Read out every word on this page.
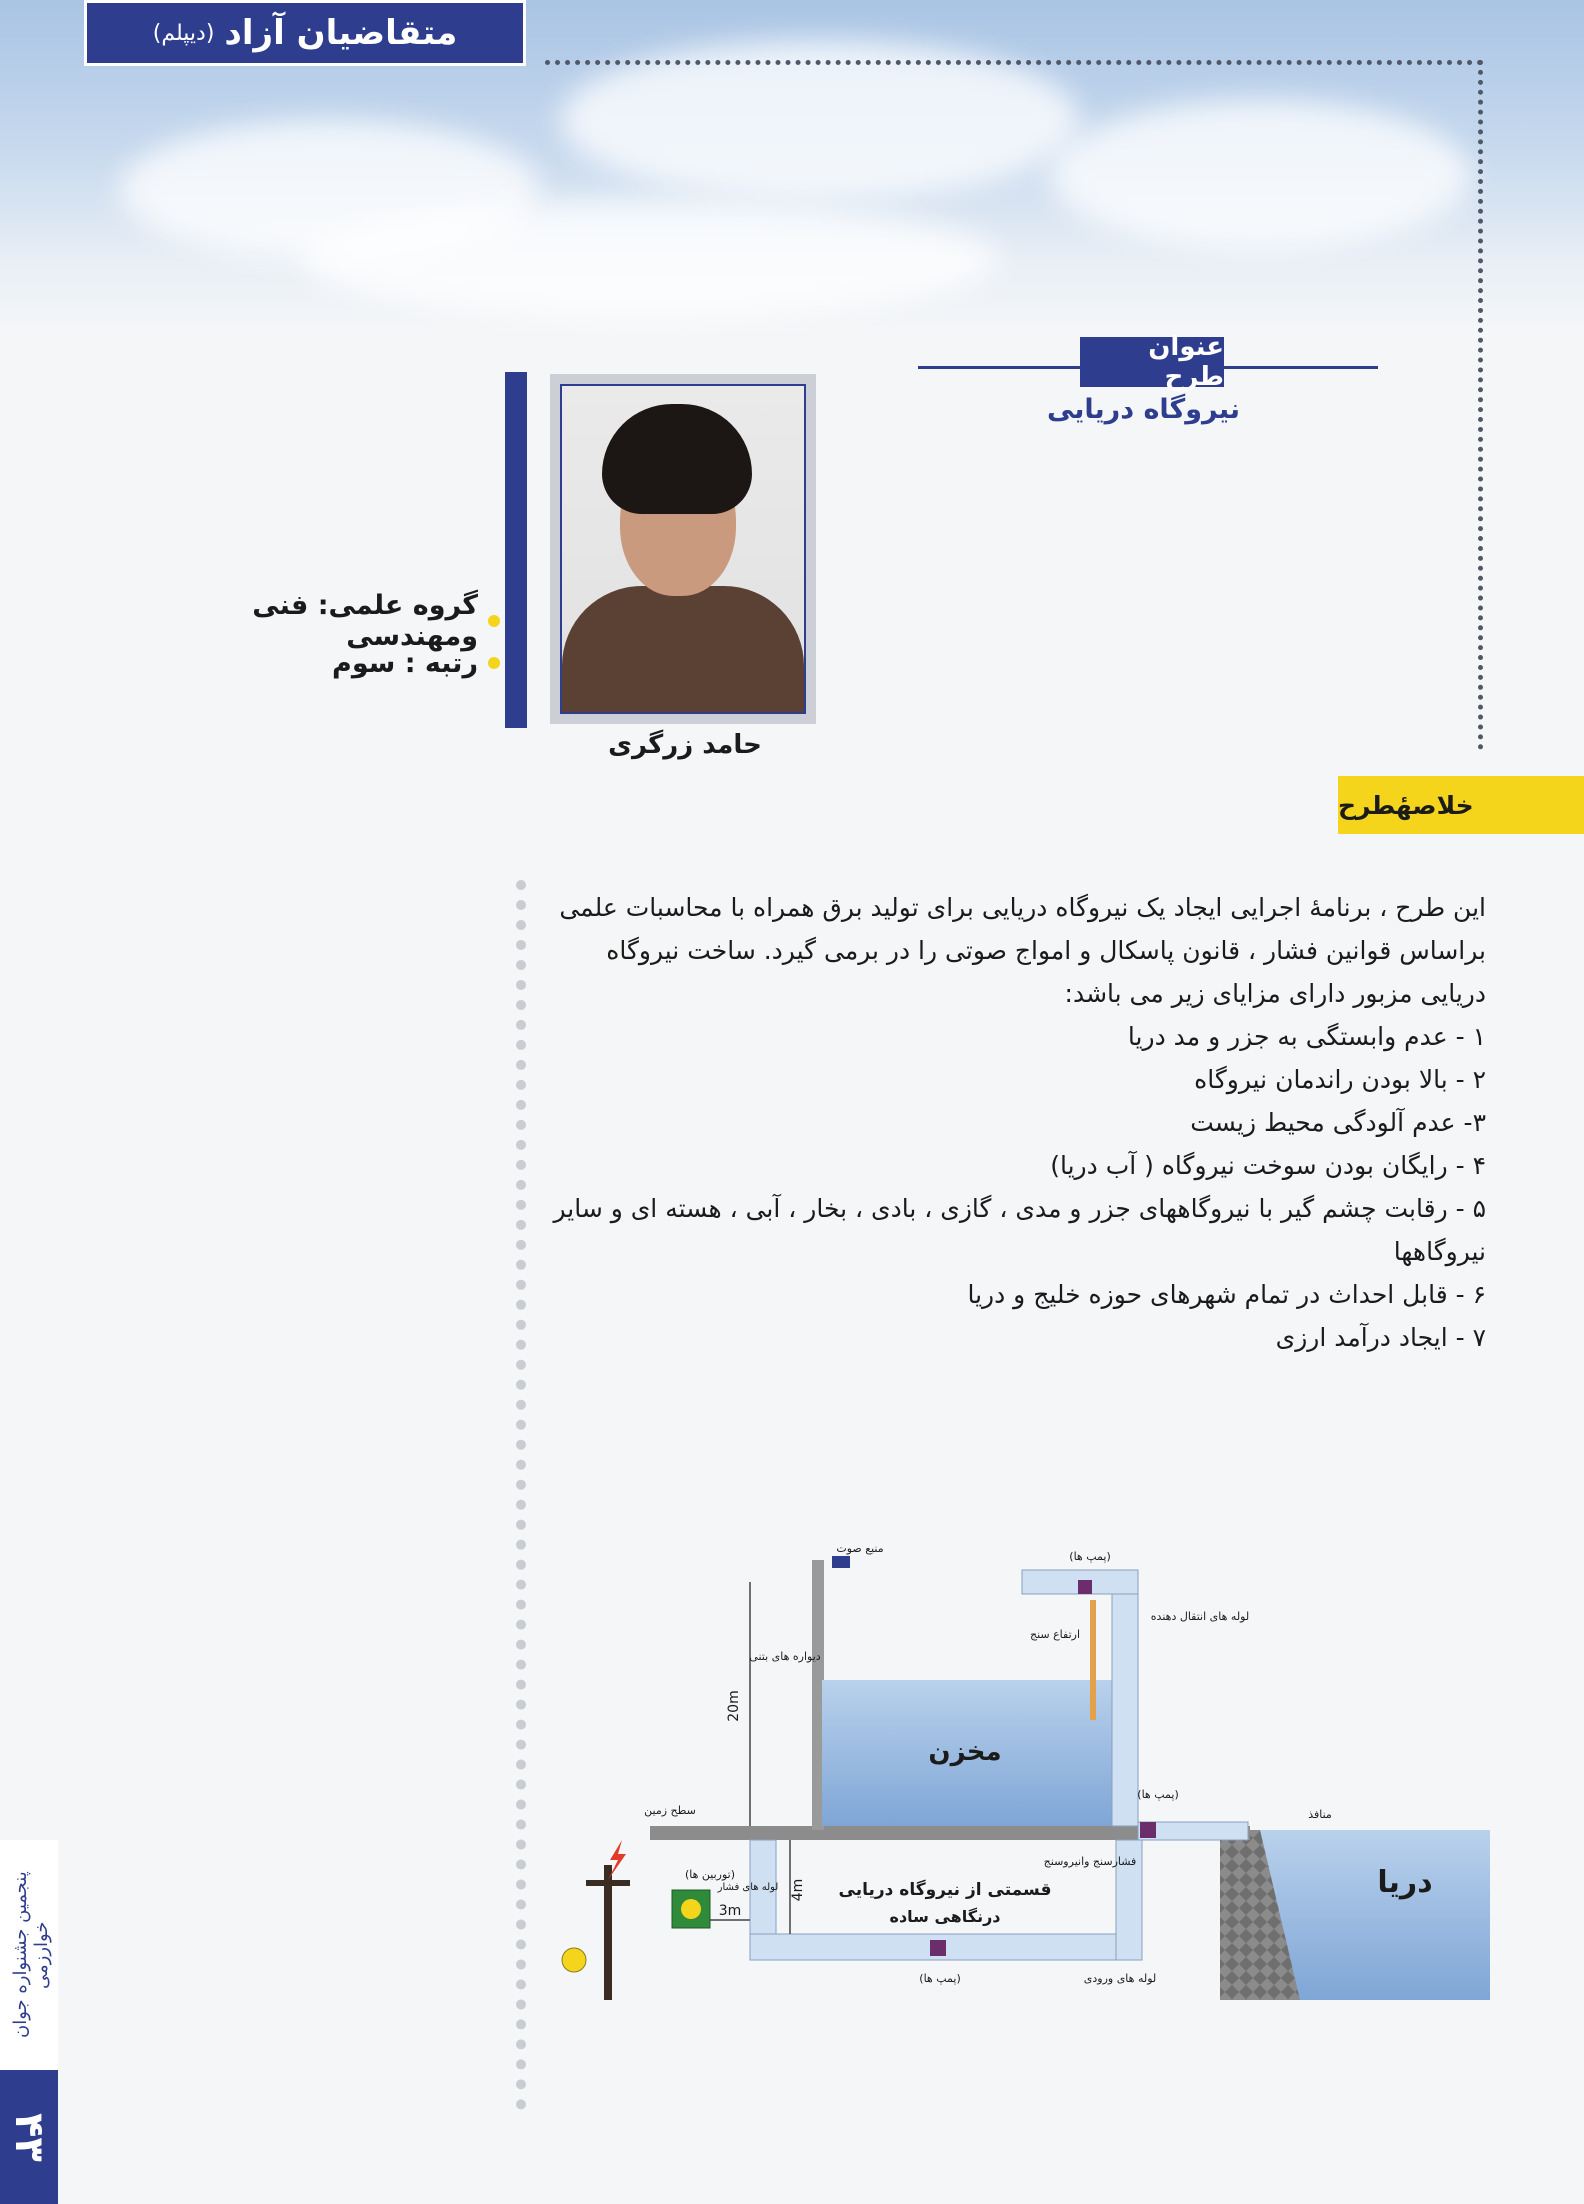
متقاضیان آزاد
(دیپلم)
پنجمین جشنواره جوان خوارزمی
۴۳
حامد زرگری
گروه علمی: فنی ومهندسی
رتبه : سوم
عنوان طرح
نیروگاه دریایی
خلاصهٔطرح

این طرح ، برنامهٔ اجرایی ایجاد یک نیروگاه دریایی برای تولید برق همراه با محاسبات علمی براساس قوانین فشار ، قانون پاسکال و امواج صوتی را در برمی گیرد. ساخت نیروگاه دریایی مزبور دارای مزایای زیر می باشد:

۱ - عدم وابستگی به جزر و مد دریا

۲ - بالا بودن راندمان نیروگاه

۳- عدم آلودگی محیط زیست

۴ - رایگان بودن سوخت نیروگاه ( آب دریا)

۵ - رقابت چشم گیر با نیروگاههای جزر و مدی ، گازی ، بادی ، بخار ، آبی ، هسته ای و سایر نیروگاهها

۶ - قابل احداث در تمام شهرهای حوزه خلیج و دریا

۷ - ایجاد درآمد ارزی

دریا
مخزن
منبع صوت
(پمپ ها)
لوله های انتقال دهنده
ارتفاع سنج
دیواره های بتنی
20m
(پمپ ها)
منافذ
سطح زمین
فشارسنج وانیروسنج
4m
(توربین ها)
لوله های فشار
3m
(پمپ ها)	لوله های ورودی
قسمتی از نیروگاه دریایی
درنگاهی ساده
